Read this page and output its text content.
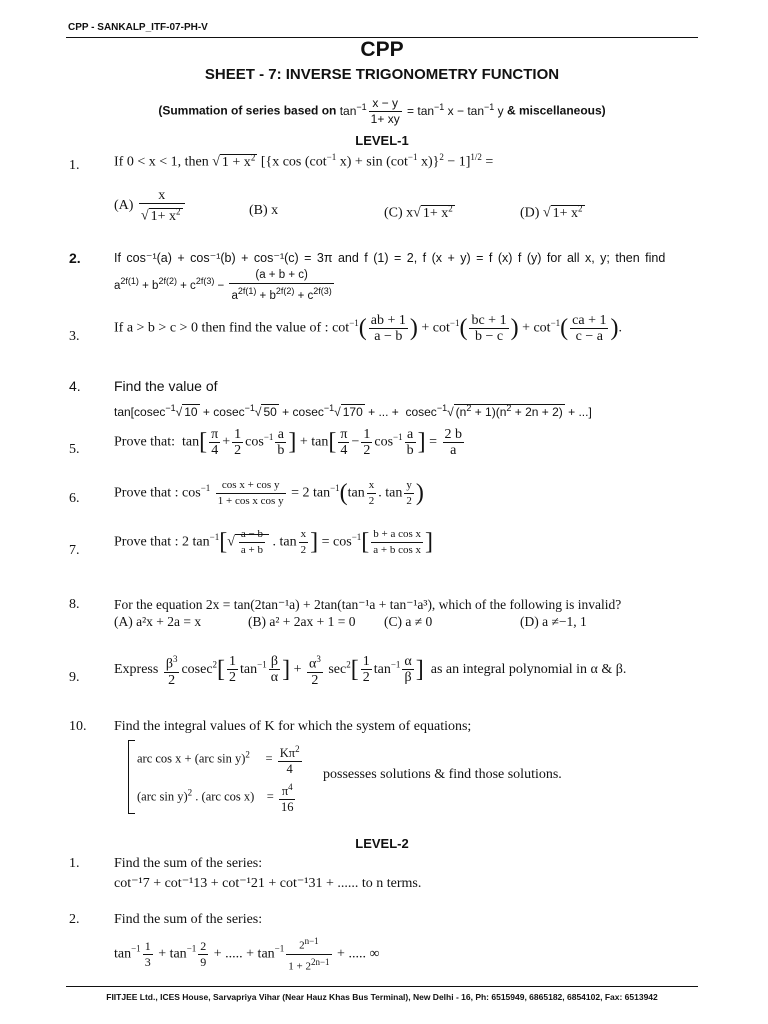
CPP - SANKALP_ITF-07-PH-V
CPP
SHEET - 7: INVERSE TRIGONOMETRY FUNCTION
(Summation of series based on $\tan^{-1} \frac{x - y}{1+ xy} = \tan^{-1} x - \tan^{-1} y$ & miscellaneous)
LEVEL-1
1. If 0 < x < 1, then √ $1 + x^2$ [{x $\cos (\cot^{-1}$ $x) + \sin (\cot^{-1}$ x)}$^2$ − 1]$^{1/2}$ =
$(A) \frac{x}{√ 1+ x^2}$	(B) x	(C) x√ $1+ x^2$	(D) √ $1+ x^2$
2.	If cos⁻¹(a) + cos⁻¹(b) + cos⁻¹(c) = 3π and f (1) = 2, f (x + y) = f (x) f (y) for all x, y; then find
$a^{2f(1)} + b^{2f(2)} + c^{2f(3)} - \frac{(a + b + c)}{a^{2f(1)} + b^{2f(2)} + c^{2f(3)}}$
3.
If a > b > c > 0 then find the value of : $\cot^{-1}( \frac{ab + 1}{a - b}$ ) + $\cot^{-1}( \frac{bc + 1}{b - c}$ ) + $\cot^{-1}( \frac{ca + 1}{c - a}$ ).
4. Find the value of
tan[cosec$^{-1}$√ 10 + cosec$^{-1}$√ 50 + cosec$^{-1}$√ 170 + ... +  cosec$^{-1}$√ $(n^2 + 1)(n^2 + 2n + 2)$ + ...]
5. Prove that:  $\tan[ \frac{\pi}{4} + \frac{1}{2} \cos^{-1} \frac{a}{b}$ ] + $\tan[ \frac{\pi}{4} - \frac{1}{2} \cos^{-1} \frac{a}{b}$ ] = $\frac{2 b}{a}$
6. Prove that : $\cos^{-1} \frac{\text{cos x + cos y}}{\text{1 + cos x cos y}} = 2$ $\tan^{-1}(\tan \frac{x}{2}$ . $\tan \frac{y}{2}$ )
7.
Prove that : 2 $\tan^{-1}[√ \frac{a - b}{a + b}$ . $\tan \frac{x}{2}$ ] = $\cos^{-1}[ \frac{\text{b + a cos x}}{\text{a + b cos x}}$ ]
8.	For the equation 2x = tan(2tan⁻¹a) + 2tan(tan⁻¹a + tan⁻¹a³), which of the following is invalid?
(A) a²x + 2a = x	(B) a² + 2ax + 1 = 0 (C) a ≠ 0	(D) a ≠−1, 1
9.
Express $\frac{\beta^3}{2} cosec^2[ \frac{1}{2} \tan^{-1} \frac{\beta}{\alpha}$ ] + $\frac{\alpha^3}{2} \sec^2[ \frac{1}{2} \tan^{-1} \frac{\alpha}{\beta}$ ] as an integral polynomial in α & β.
10. Find the integral values of K for which the system of equations;
arc cos x + (arc sin y)$^2$     = $\frac{K\pi^2}{4}$
(arc sin y)$^2$ . (arc cos x)    = $\frac{\pi^4}{16}$
possesses solutions & find those solutions.
LEVEL-2
1. Find the sum of the series:
cot⁻¹7 + cot⁻¹13 + cot⁻¹21 + cot⁻¹31 + ...... to n terms.
2. Find the sum of the series:
$\tan^{-1} \frac{1}{3} + \tan^{-1} \frac{2}{9}$ + ..... + $\tan^{-1} \frac{2^{n-1}}{1 + 2^{2n-1}}$ + ..... ∞
FIITJEE Ltd., ICES House, Sarvapriya Vihar (Near Hauz Khas Bus Terminal), New Delhi - 16, Ph: 6515949, 6865182, 6854102, Fax: 6513942
